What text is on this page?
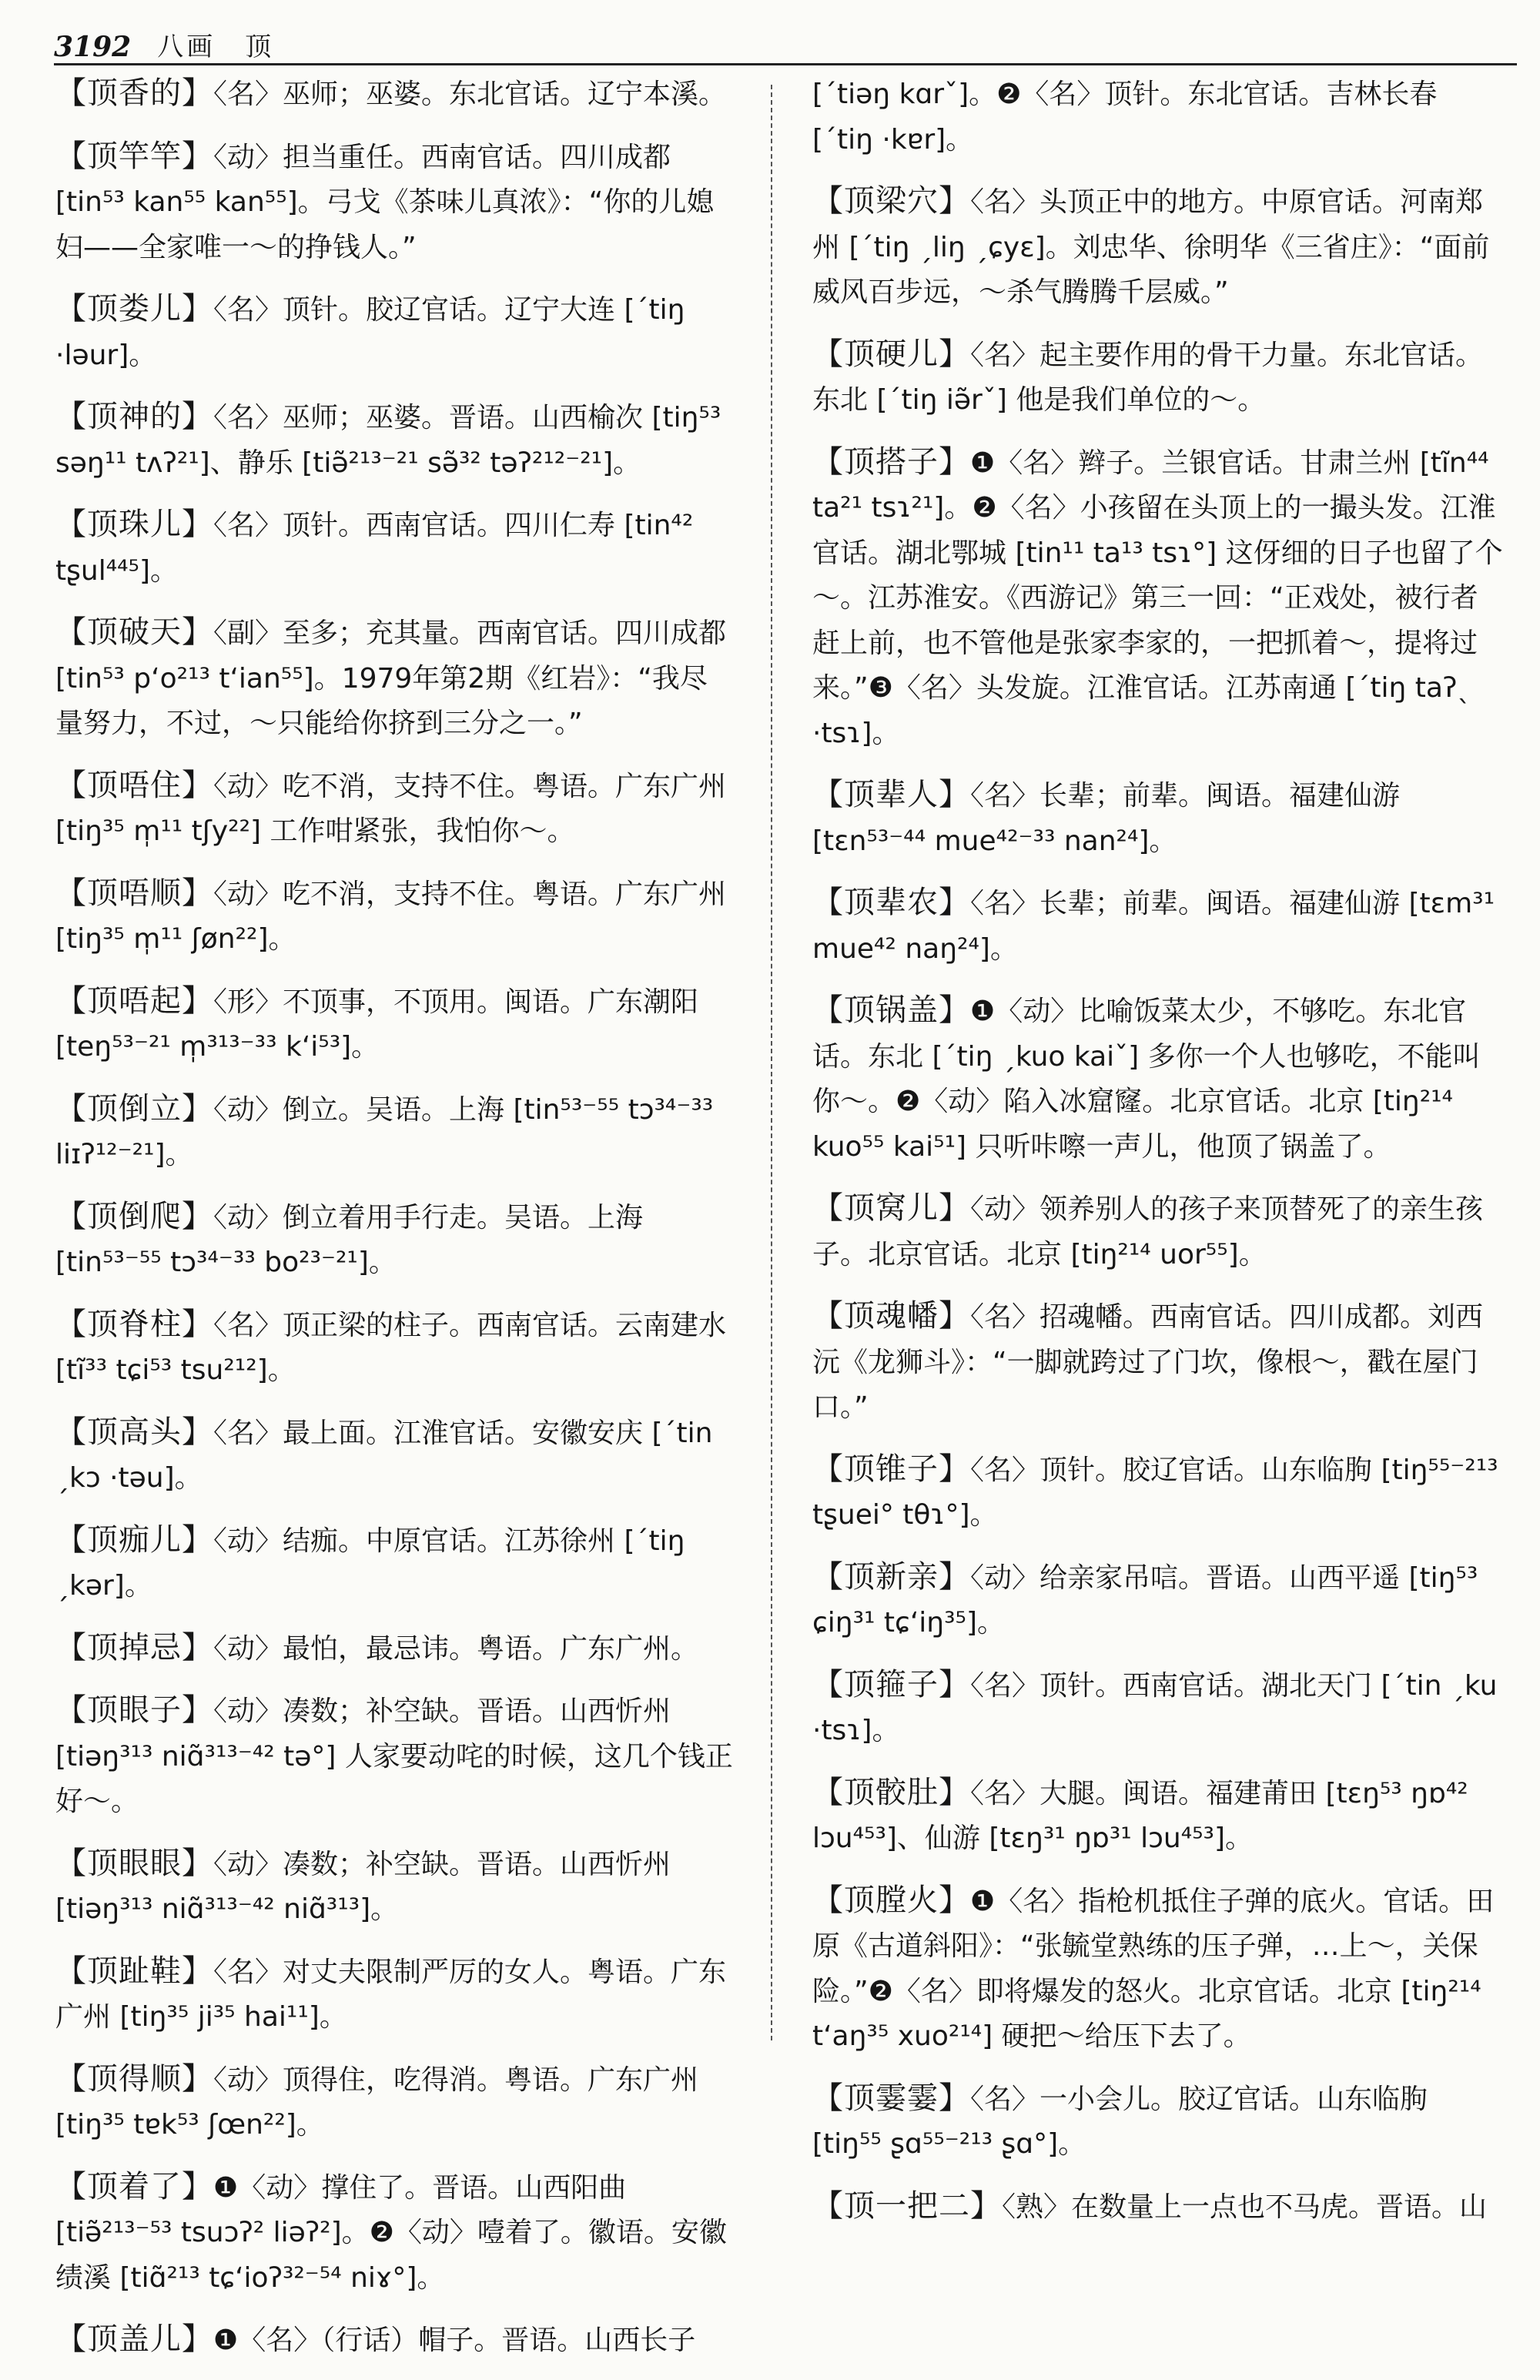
3192 八画　顶
【顶香的】〈名〉巫师；巫婆。东北官话。辽宁本溪。
【顶竿竿】〈动〉担当重任。西南官话。四川成都 [tin⁵³ kan⁵⁵ kan⁵⁵]。弓戈《茶味儿真浓》：“你的儿媳妇——全家唯一～的挣钱人。”
【顶娄儿】〈名〉顶针。胶辽官话。辽宁大连 [ˊtiŋ ·ləur]。
【顶神的】〈名〉巫师；巫婆。晋语。山西榆次 [tiŋ⁵³ səŋ¹¹ tʌʔ²¹]、静乐 [tiə̃²¹³⁻²¹ sə̃³² təʔ²¹²⁻²¹]。
【顶珠儿】〈名〉顶针。西南官话。四川仁寿 [tin⁴² tʂul⁴⁴⁵]。
【顶破天】〈副〉至多；充其量。西南官话。四川成都 [tin⁵³ pʻo²¹³ tʻian⁵⁵]。1979年第2期《红岩》：“我尽量努力，不过，～只能给你挤到三分之一。”
【顶唔住】〈动〉吃不消，支持不住。粤语。广东广州 [tiŋ³⁵ m̩¹¹ tʃy²²] 工作咁紧张，我怕你～。
【顶唔顺】〈动〉吃不消，支持不住。粤语。广东广州 [tiŋ³⁵ m̩¹¹ ʃøn²²]。
【顶唔起】〈形〉不顶事，不顶用。闽语。广东潮阳 [teŋ⁵³⁻²¹ m̩³¹³⁻³³ kʻi⁵³]。
【顶倒立】〈动〉倒立。吴语。上海 [tin⁵³⁻⁵⁵ tɔ³⁴⁻³³ liɪʔ¹²⁻²¹]。
【顶倒爬】〈动〉倒立着用手行走。吴语。上海 [tin⁵³⁻⁵⁵ tɔ³⁴⁻³³ bo²³⁻²¹]。
【顶脊柱】〈名〉顶正梁的柱子。西南官话。云南建水 [tĩ³³ tɕi⁵³ tsu²¹²]。
【顶高头】〈名〉最上面。江淮官话。安徽安庆 [ˊtin ˏkɔ ·təu]。
【顶痂儿】〈动〉结痂。中原官话。江苏徐州 [ˊtiŋ ˏkər]。
【顶掉忌】〈动〉最怕，最忌讳。粤语。广东广州。
【顶眼子】〈动〉凑数；补空缺。晋语。山西忻州 [tiəŋ³¹³ niɑ̃³¹³⁻⁴² tə°] 人家要动咤的时候，这几个钱正好～。
【顶眼眼】〈动〉凑数；补空缺。晋语。山西忻州 [tiəŋ³¹³ niɑ̃³¹³⁻⁴² niɑ̃³¹³]。
【顶趾鞋】〈名〉对丈夫限制严厉的女人。粤语。广东广州 [tiŋ³⁵ ji³⁵ hai¹¹]。
【顶得顺】〈动〉顶得住，吃得消。粤语。广东广州 [tiŋ³⁵ tɐk⁵³ ʃœn²²]。
【顶着了】❶〈动〉撑住了。晋语。山西阳曲 [tiə̃²¹³⁻⁵³ tsuɔʔ² liəʔ²]。❷〈动〉噎着了。徽语。安徽绩溪 [tiɑ̃²¹³ tɕʻioʔ³²⁻⁵⁴ niɤ°]。
【顶盖儿】❶〈名〉（行话）帽子。晋语。山西长子
[ˊtiəŋ kɑrˇ]。❷〈名〉顶针。东北官话。吉林长春 [ˊtiŋ ·kɐr]。
【顶梁穴】〈名〉头顶正中的地方。中原官话。河南郑州 [ˊtiŋ ˏliŋ ˏɕyɛ]。刘忠华、徐明华《三省庄》：“面前威风百步远，～杀气腾腾千层威。”
【顶硬儿】〈名〉起主要作用的骨干力量。东北官话。东北 [ˊtiŋ iə̃rˇ] 他是我们单位的～。
【顶搭子】❶〈名〉辫子。兰银官话。甘肃兰州 [tĩn⁴⁴ ta²¹ tsɿ²¹]。❷〈名〉小孩留在头顶上的一撮头发。江淮官话。湖北鄂城 [tin¹¹ ta¹³ tsɿ°] 这伢细的日子也留了个～。江苏淮安。《西游记》第三一回：“正戏处，被行者赶上前，也不管他是张家李家的，一把抓着～，提将过来。”❸〈名〉头发旋。江淮官话。江苏南通 [ˊtiŋ taʔˎ ·tsɿ]。
【顶辈人】〈名〉长辈；前辈。闽语。福建仙游 [tɛn⁵³⁻⁴⁴ mue⁴²⁻³³ nan²⁴]。
【顶辈农】〈名〉长辈；前辈。闽语。福建仙游 [tɛm³¹ mue⁴² naŋ²⁴]。
【顶锅盖】❶〈动〉比喻饭菜太少，不够吃。东北官话。东北 [ˊtiŋ ˏkuo kaiˇ] 多你一个人也够吃，不能叫你～。❷〈动〉陷入冰窟窿。北京官话。北京 [tiŋ²¹⁴ kuo⁵⁵ kai⁵¹] 只听咔嚓一声儿，他顶了锅盖了。
【顶窝儿】〈动〉领养别人的孩子来顶替死了的亲生孩子。北京官话。北京 [tiŋ²¹⁴ uor⁵⁵]。
【顶魂幡】〈名〉招魂幡。西南官话。四川成都。刘西沅《龙狮斗》：“一脚就跨过了门坎，像根～，戳在屋门口。”
【顶锥子】〈名〉顶针。胶辽官话。山东临朐 [tiŋ⁵⁵⁻²¹³ tʂuei° tθɿ°]。
【顶新亲】〈动〉给亲家吊唁。晋语。山西平遥 [tiŋ⁵³ ɕiŋ³¹ tɕʻiŋ³⁵]。
【顶箍子】〈名〉顶针。西南官话。湖北天门 [ˊtin ˏku ·tsɿ]。
【顶骹肚】〈名〉大腿。闽语。福建莆田 [tɛŋ⁵³ ŋɒ⁴² lɔu⁴⁵³]、仙游 [tɛŋ³¹ ŋɒ³¹ lɔu⁴⁵³]。
【顶膛火】❶〈名〉指枪机抵住子弹的底火。官话。田原《古道斜阳》：“张毓堂熟练的压子弹，…上～，关保险。”❷〈名〉即将爆发的怒火。北京官话。北京 [tiŋ²¹⁴ tʻaŋ³⁵ xuo²¹⁴] 硬把～给压下去了。
【顶霎霎】〈名〉一小会儿。胶辽官话。山东临朐 [tiŋ⁵⁵ ʂɑ⁵⁵⁻²¹³ ʂɑ°]。
【顶一把二】〈熟〉在数量上一点也不马虎。晋语。山
